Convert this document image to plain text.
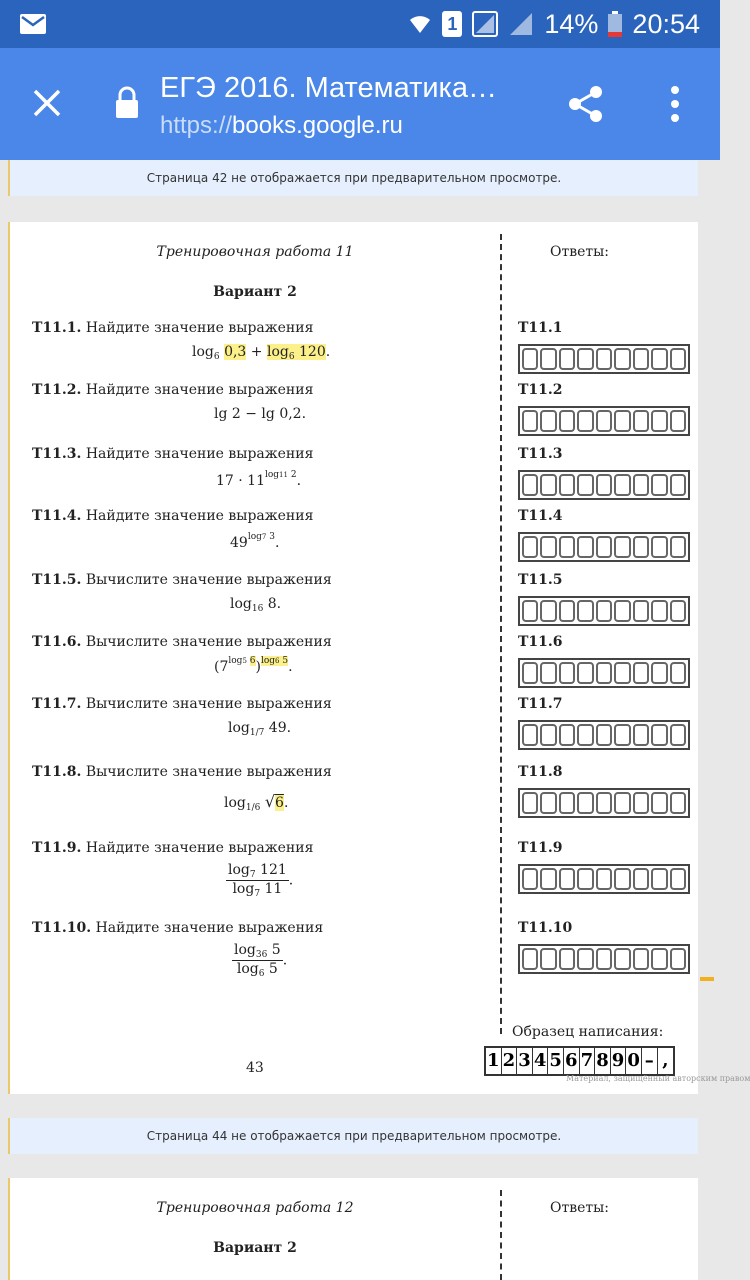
1	14% 20:54
ЕГЭ 2016. Математика…
https://books.google.ru
Страница 42 не отображается при предварительном просмотре.
Тренировочная работа 11
Вариант 2
Ответы:
Т11.1. Найдите значение выражения
$\log_6 0,3 + \log_6 120$.
Т11.2. Найдите значение выражения
lg 2 − lg 0,2.
Т11.3. Найдите значение выражения
$17 \cdot 11^{log11 2}$.
Т11.4. Найдите значение выражения
$49^{log7 3}$.
Т11.5. Вычислите значение выражения
$\log_{16} 8$.
Т11.6. Вычислите значение выражения
$(7^{log5 6})^{log6 5}$.
Т11.7. Вычислите значение выражения
$\log_{1/7} 49$.
Т11.8. Вычислите значение выражения
$\log_{1/6} √6$.
Т11.9. Найдите значение выражения
$\frac{\log_7 121}{\log_7 11}$ .
Т11.10. Найдите значение выражения
$\frac{\log_{36} 5}{\log_6 5}$ .
Т11.1
Т11.2
Т11.3
Т11.4
Т11.5
Т11.6
Т11.7
Т11.8
Т11.9
Т11.10
Образец написания:
1 2 3 4 5 6 7 8 9 0 – ,
Материал, защищённый авторским правом
43
Страница 44 не отображается при предварительном просмотре.
Тренировочная работа 12
Вариант 2
Ответы:
